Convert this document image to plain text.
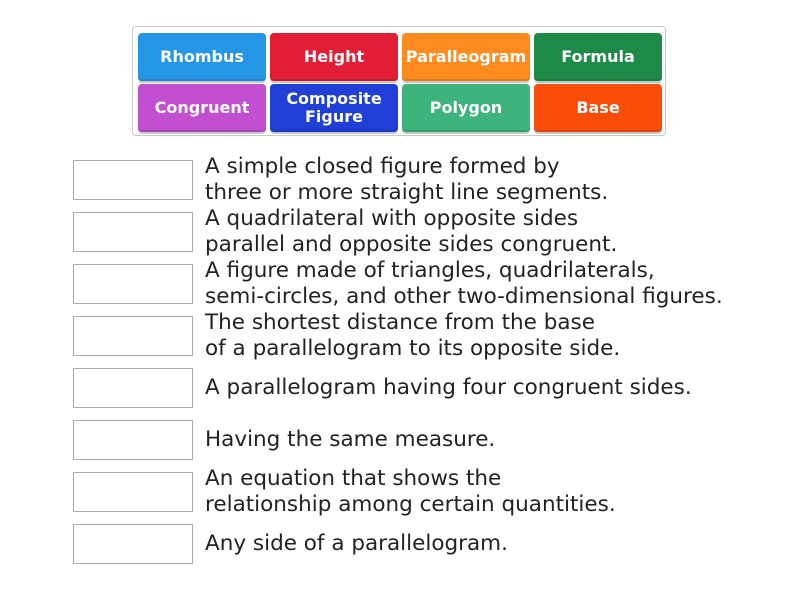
Rhombus	Height	Paralleogram Formula
Congruent Composite
Figure	Polygon	Base
A simple closed figure formed by
three or more straight line segments.
A quadrilateral with opposite sides
parallel and opposite sides congruent.
A figure made of triangles, quadrilaterals,
semi-circles, and other two-dimensional figures.
The shortest distance from the base
of a parallelogram to its opposite side.
A parallelogram having four congruent sides.
Having the same measure.
An equation that shows the
relationship among certain quantities.
Any side of a parallelogram.
